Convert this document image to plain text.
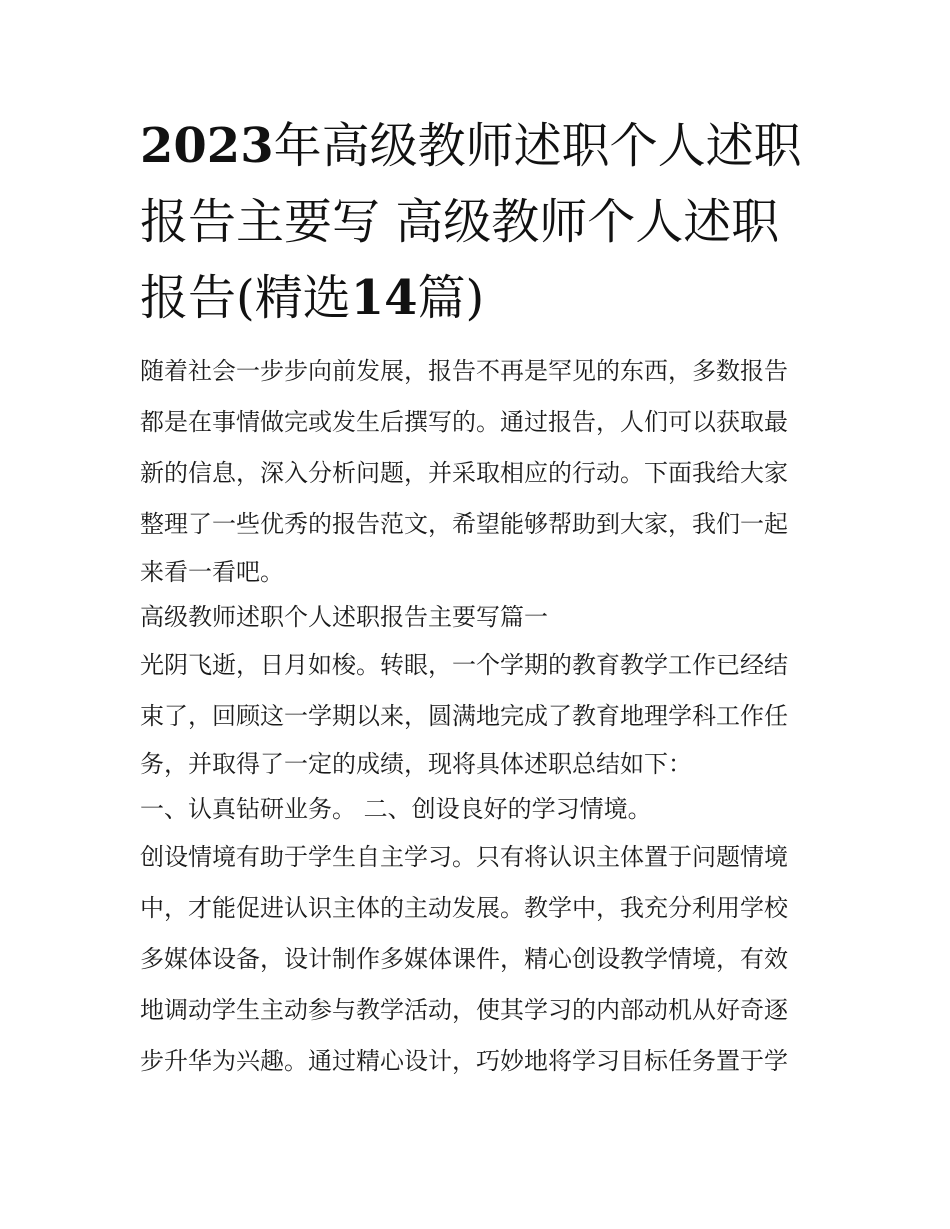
2023年高级教师述职个人述职
报告主要写 高级教师个人述职
报告(精选14篇)
随着社会一步步向前发展，报告不再是罕见的东西，多数报告
都是在事情做完或发生后撰写的。通过报告，人们可以获取最
新的信息，深入分析问题，并采取相应的行动。下面我给大家
整理了一些优秀的报告范文，希望能够帮助到大家，我们一起
来看一看吧。
高级教师述职个人述职报告主要写篇一
光阴飞逝，日月如梭。转眼，一个学期的教育教学工作已经结
束了，回顾这一学期以来，圆满地完成了教育地理学科工作任
务，并取得了一定的成绩，现将具体述职总结如下：
一、认真钻研业务。 二、创设良好的学习情境。
创设情境有助于学生自主学习。只有将认识主体置于问题情境
中，才能促进认识主体的主动发展。教学中，我充分利用学校
多媒体设备，设计制作多媒体课件，精心创设教学情境，有效
地调动学生主动参与教学活动，使其学习的内部动机从好奇逐
步升华为兴趣。通过精心设计，巧妙地将学习目标任务置于学
